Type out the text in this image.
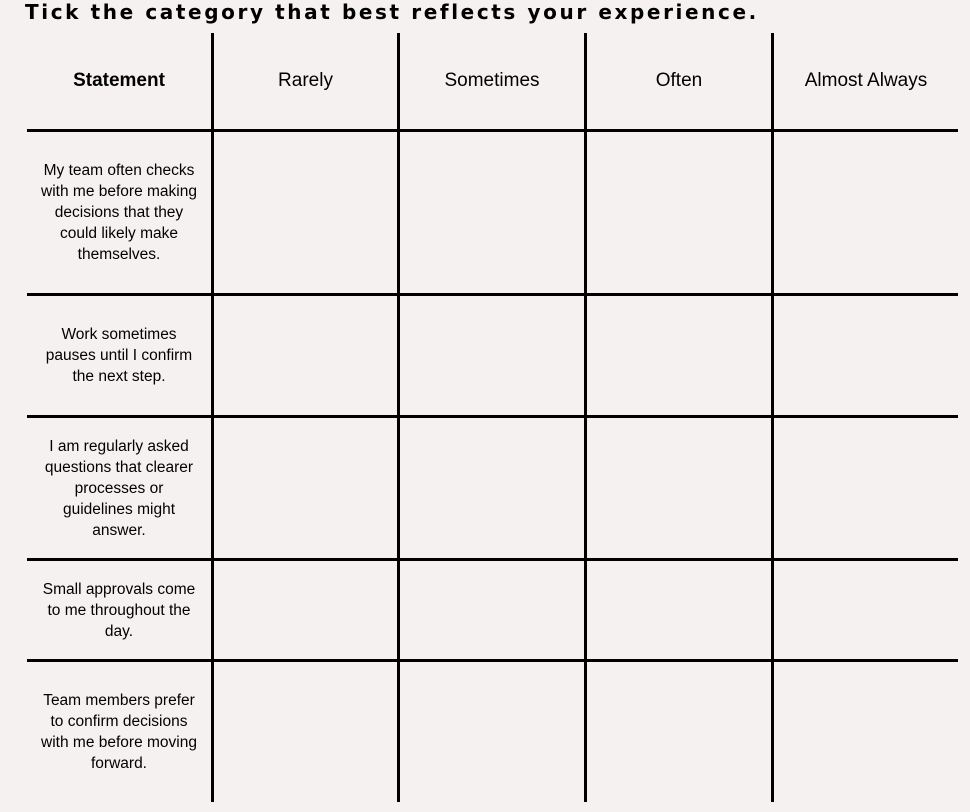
Tick the category that best reflects your experience.

Statement	Rarely	Sometimes	Often	Almost Always
My team often checks with me before making decisions that they could likely make themselves.
Work sometimes pauses until I confirm the next step.
I am regularly asked questions that clearer processes or guidelines might answer.
Small approvals come to me throughout the day.
Team members prefer to confirm decisions with me before moving forward.
